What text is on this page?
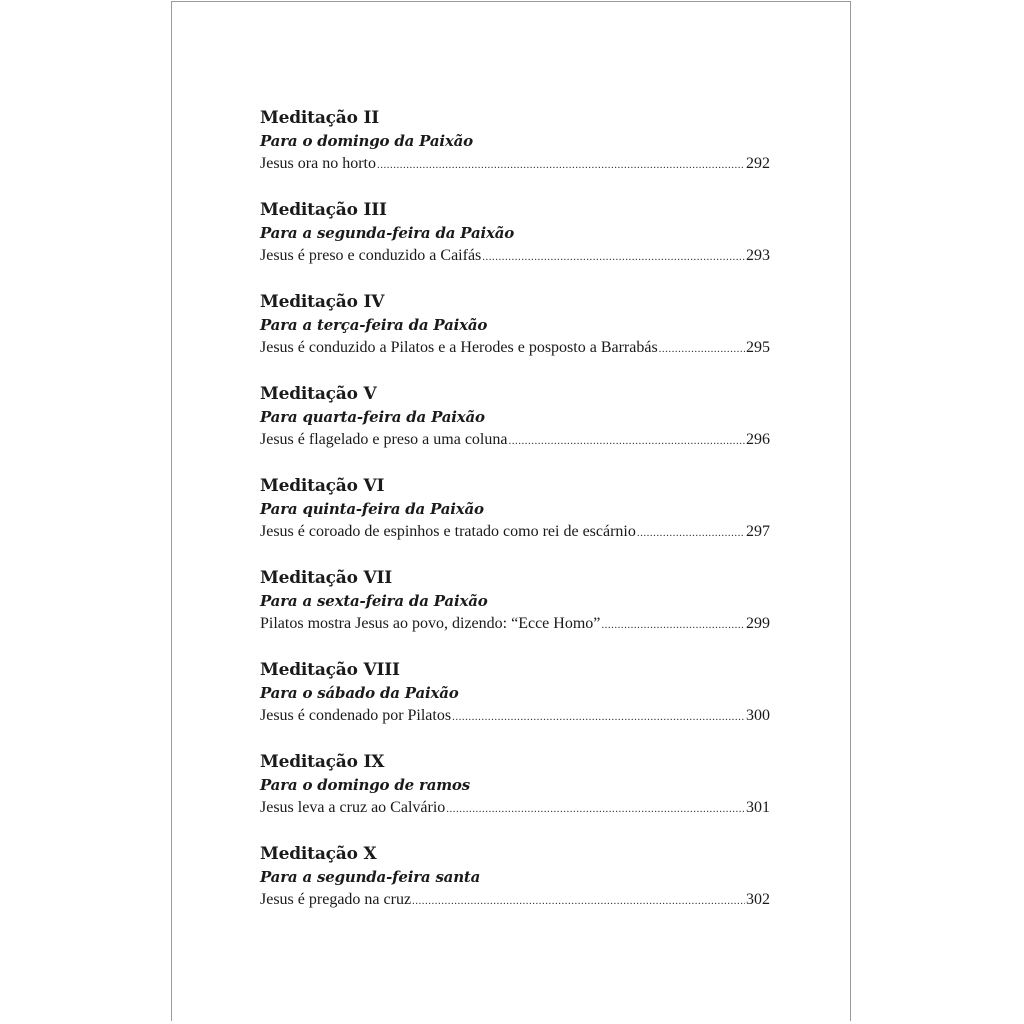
Meditação II
Para o domingo da Paixão
Jesus ora no horto .....	292
Meditação III
Para a segunda-feira da Paixão
Jesus é preso e conduzido a Caifás .....	293
Meditação IV
Para a terça-feira da Paixão
Jesus é conduzido a Pilatos e a Herodes e posposto a Barrabás .....	295
Meditação V
Para quarta-feira da Paixão
Jesus é flagelado e preso a uma coluna .....	296
Meditação VI
Para quinta-feira da Paixão
Jesus é coroado de espinhos e tratado como rei de escárnio .....	297
Meditação VII
Para a sexta-feira da Paixão
Pilatos mostra Jesus ao povo, dizendo: “Ecce Homo” .....	299
Meditação VIII
Para o sábado da Paixão
Jesus é condenado por Pilatos .....	300
Meditação IX
Para o domingo de ramos
Jesus leva a cruz ao Calvário .....	301
Meditação X
Para a segunda-feira santa
Jesus é pregado na cruz .....	302
